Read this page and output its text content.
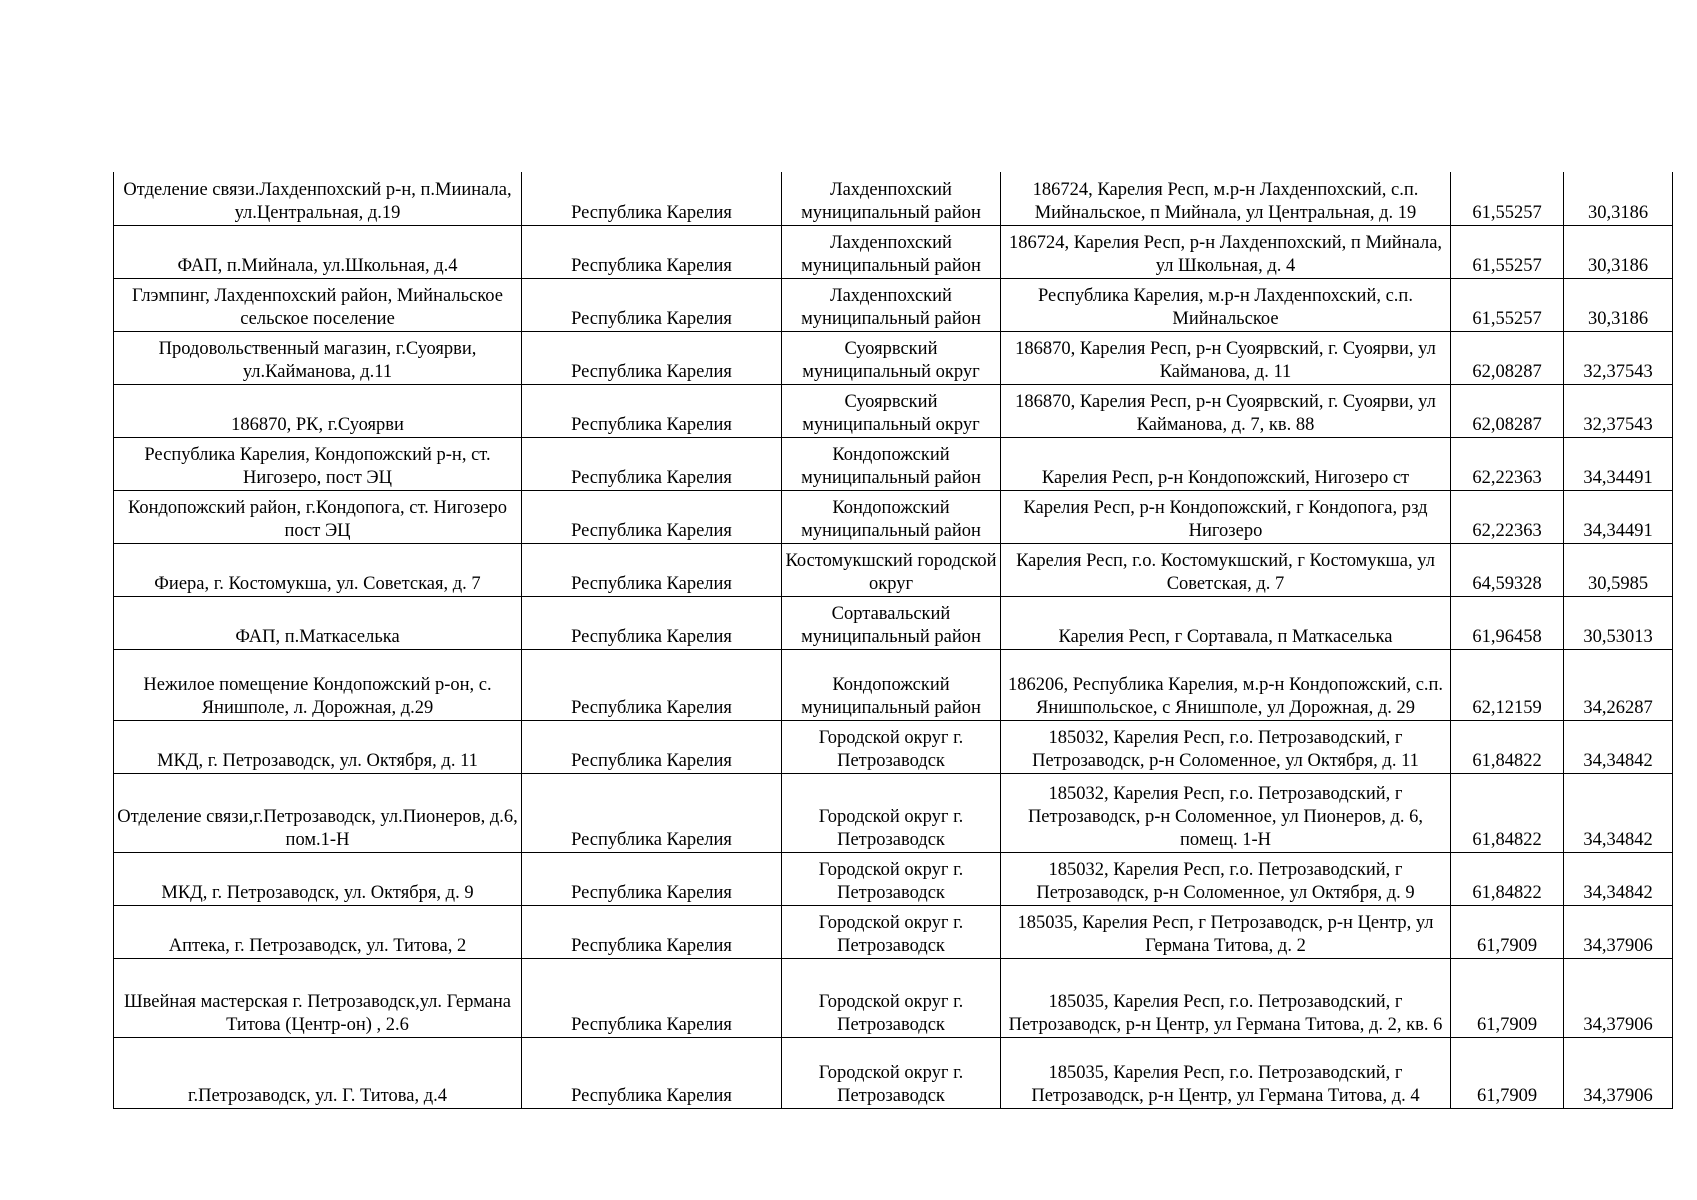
Отделение связи.Лахденпохский р-н, п.Миинала, ул.Центральная, д.19	Республика Карелия	Лахденпохский муниципальный район	186724, Карелия Респ, м.р-н Лахденпохский, с.п. Мийнальское, п Мийнала, ул Центральная, д. 19	61,55257	30,3186
ФАП, п.Мийнала, ул.Школьная, д.4	Республика Карелия	Лахденпохский муниципальный район	186724, Карелия Респ, р-н Лахденпохский, п Мийнала, ул Школьная, д. 4	61,55257	30,3186
Глэмпинг, Лахденпохский район, Мийнальское сельское поселение	Республика Карелия	Лахденпохский муниципальный район	Республика Карелия, м.р-н Лахденпохский, с.п. Мийнальское	61,55257	30,3186
Продовольственный магазин, г.Суоярви, ул.Кайманова, д.11	Республика Карелия	Суоярвский муниципальный округ	186870, Карелия Респ, р-н Суоярвский, г. Суоярви, ул Кайманова, д. 11	62,08287	32,37543
186870, РК, г.Суоярви	Республика Карелия	Суоярвский муниципальный округ	186870, Карелия Респ, р-н Суоярвский, г. Суоярви, ул Кайманова, д. 7, кв. 88	62,08287	32,37543
Республика Карелия, Кондопожский р-н, ст. Нигозеро, пост ЭЦ	Республика Карелия	Кондопожский муниципальный район	Карелия Респ, р-н Кондопожский, Нигозеро ст	62,22363	34,34491
Кондопожский район, г.Кондопога, ст. Нигозеро пост ЭЦ	Республика Карелия	Кондопожский муниципальный район	Карелия Респ, р-н Кондопожский, г Кондопога, рзд Нигозеро	62,22363	34,34491
Фиера, г. Костомукша, ул. Советская, д. 7	Республика Карелия	Костомукшский городской округ	Карелия Респ, г.о. Костомукшский, г Костомукша, ул Советская, д. 7	64,59328	30,5985
ФАП, п.Маткаселька	Республика Карелия	Сортавальский муниципальный район	Карелия Респ, г Сортавала, п Маткаселька	61,96458	30,53013
Нежилое помещение Кондопожский р-он, с. Янишполе, л. Дорожная, д.29	Республика Карелия	Кондопожский муниципальный район	186206, Республика Карелия, м.р-н Кондопожский, с.п. Янишпольское, с Янишполе, ул Дорожная, д. 29	62,12159	34,26287
МКД, г. Петрозаводск, ул. Октября, д. 11	Республика Карелия	Городской округ г. Петрозаводск	185032, Карелия Респ, г.о. Петрозаводский, г Петрозаводск, р-н Соломенное, ул Октября, д. 11	61,84822	34,34842
Отделение связи,г.Петрозаводск, ул.Пионеров, д.6, пом.1-Н	Республика Карелия	Городской округ г. Петрозаводск	185032, Карелия Респ, г.о. Петрозаводский, г Петрозаводск, р-н Соломенное, ул Пионеров, д. 6, помещ. 1-Н	61,84822	34,34842
МКД, г. Петрозаводск, ул. Октября, д. 9	Республика Карелия	Городской округ г. Петрозаводск	185032, Карелия Респ, г.о. Петрозаводский, г Петрозаводск, р-н Соломенное, ул Октября, д. 9	61,84822	34,34842
Аптека, г. Петрозаводск, ул. Титова, 2	Республика Карелия	Городской округ г. Петрозаводск	185035, Карелия Респ, г Петрозаводск, р-н Центр, ул Германа Титова, д. 2	61,7909	34,37906
Швейная мастерская г. Петрозаводск,ул. Германа Титова (Центр-он) , 2.6	Республика Карелия	Городской округ г. Петрозаводск	185035, Карелия Респ, г.о. Петрозаводский, г Петрозаводск, р-н Центр, ул Германа Титова, д. 2, кв. 6	61,7909	34,37906
г.Петрозаводск, ул. Г. Титова, д.4	Республика Карелия	Городской округ г. Петрозаводск	185035, Карелия Респ, г.о. Петрозаводский, г Петрозаводск, р-н Центр, ул Германа Титова, д. 4	61,7909	34,37906
